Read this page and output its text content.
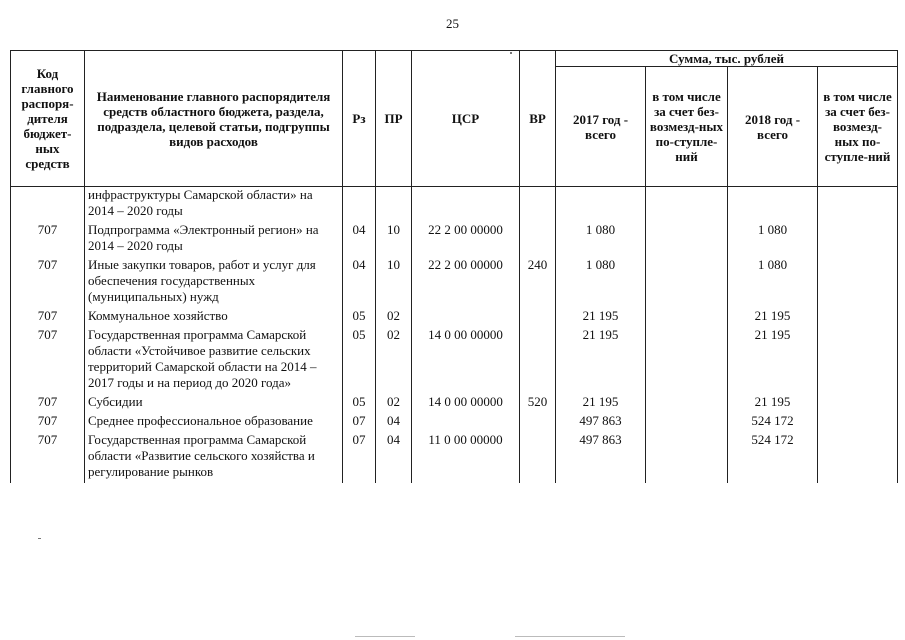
25
Код главного распоря-дителя бюджет-ных средств	Наименование главного распорядителя средств областного бюджета, раздела, подраздела, целевой статьи, подгруппы видов расходов	Рз	ПР	ЦСР	ВР	Сумма, тыс. рублей			
						2017 год - всего	в том числе за счет без-возмезд-ных по-ступле-ний	2018 год - всего	в том числе за счет без-возмезд-ных по-ступле-ний
	инфраструктуры Самарской области» на 2014 – 2020 годы								
707	Подпрограмма «Электронный регион» на 2014 – 2020 годы	04	10	22 2 00 00000		1 080		1 080	
707	Иные закупки товаров, работ и услуг для обеспечения государственных (муниципальных) нужд	04	10	22 2 00 00000	240	1 080		1 080	
707	Коммунальное хозяйство	05	02			21 195		21 195	
707	Государственная программа Самарской области «Устойчивое развитие сельских территорий Самарской области на 2014 – 2017 годы и на период до 2020 года»	05	02	14 0 00 00000		21 195		21 195	
707	Субсидии	05	02	14 0 00 00000	520	21 195		21 195	
707	Среднее профессиональное образование	07	04			497 863		524 172	
707	Государственная программа Самарской области «Развитие сельского хозяйства и регулирование рынков	07	04	11 0 00 00000		497 863		524 172	
